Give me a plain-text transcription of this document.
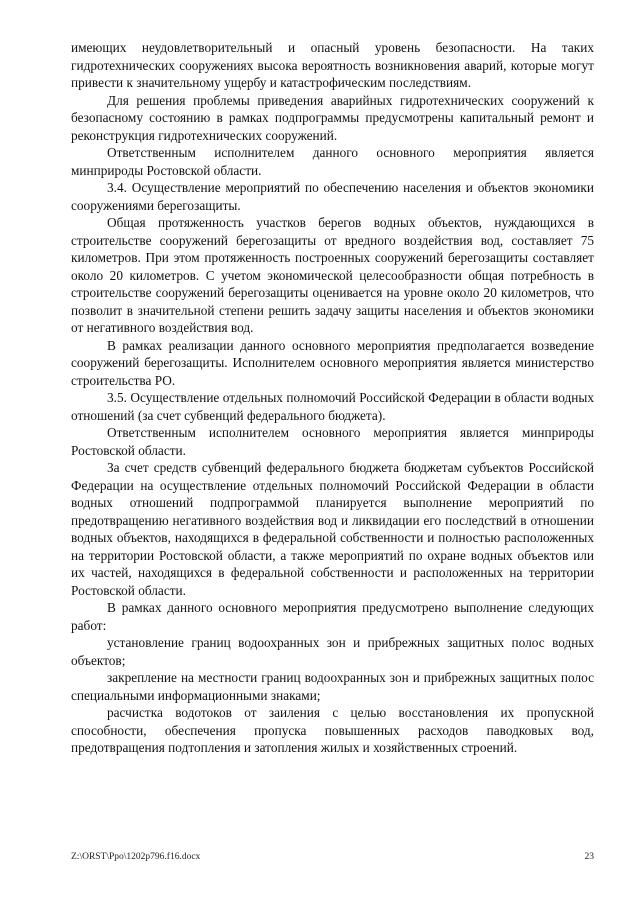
имеющих неудовлетворительный и опасный уровень безопасности. На таких гидротехнических сооружениях высока вероятность возникновения аварий, которые могут привести к значительному ущербу и катастрофическим последствиям.

Для решения проблемы приведения аварийных гидротехнических сооружений к безопасному состоянию в рамках подпрограммы предусмотрены капитальный ремонт и реконструкция гидротехнических сооружений.

Ответственным исполнителем данного основного мероприятия является минприроды Ростовской области.

3.4. Осуществление мероприятий по обеспечению населения и объектов экономики сооружениями берегозащиты.

Общая протяженность участков берегов водных объектов, нуждающихся в строительстве сооружений берегозащиты от вредного воздействия вод, составляет 75 километров. При этом протяженность построенных сооружений берегозащиты составляет около 20 километров. С учетом экономической целесообразности общая потребность в строительстве сооружений берегозащиты оценивается на уровне около 20 километров, что позволит в значительной степени решить задачу защиты населения и объектов экономики от негативного воздействия вод.

В рамках реализации данного основного мероприятия предполагается возведение сооружений берегозащиты. Исполнителем основного мероприятия является министерство строительства РО.

3.5. Осуществление отдельных полномочий Российской Федерации в области водных отношений (за счет субвенций федерального бюджета).

Ответственным исполнителем основного мероприятия является минприроды Ростовской области.

За счет средств субвенций федерального бюджета бюджетам субъектов Российской Федерации на осуществление отдельных полномочий Российской Федерации в области водных отношений подпрограммой планируется выполнение мероприятий по предотвращению негативного воздействия вод и ликвидации его последствий в отношении водных объектов, находящихся в федеральной собственности и полностью расположенных на территории Ростовской области, а также мероприятий по охране водных объектов или их частей, находящихся в федеральной собственности и расположенных на территории Ростовской области.

В рамках данного основного мероприятия предусмотрено выполнение следующих работ:

установление границ водоохранных зон и прибрежных защитных полос водных объектов;

закрепление на местности границ водоохранных зон и прибрежных защитных полос специальными информационными знаками;

расчистка водотоков от заиления с целью восстановления их пропускной способности, обеспечения пропуска повышенных расходов паводковых вод, предотвращения подтопления и затопления жилых и хозяйственных строений.

Z:\ORST\Ppo\1202p796.f16.docx	23
